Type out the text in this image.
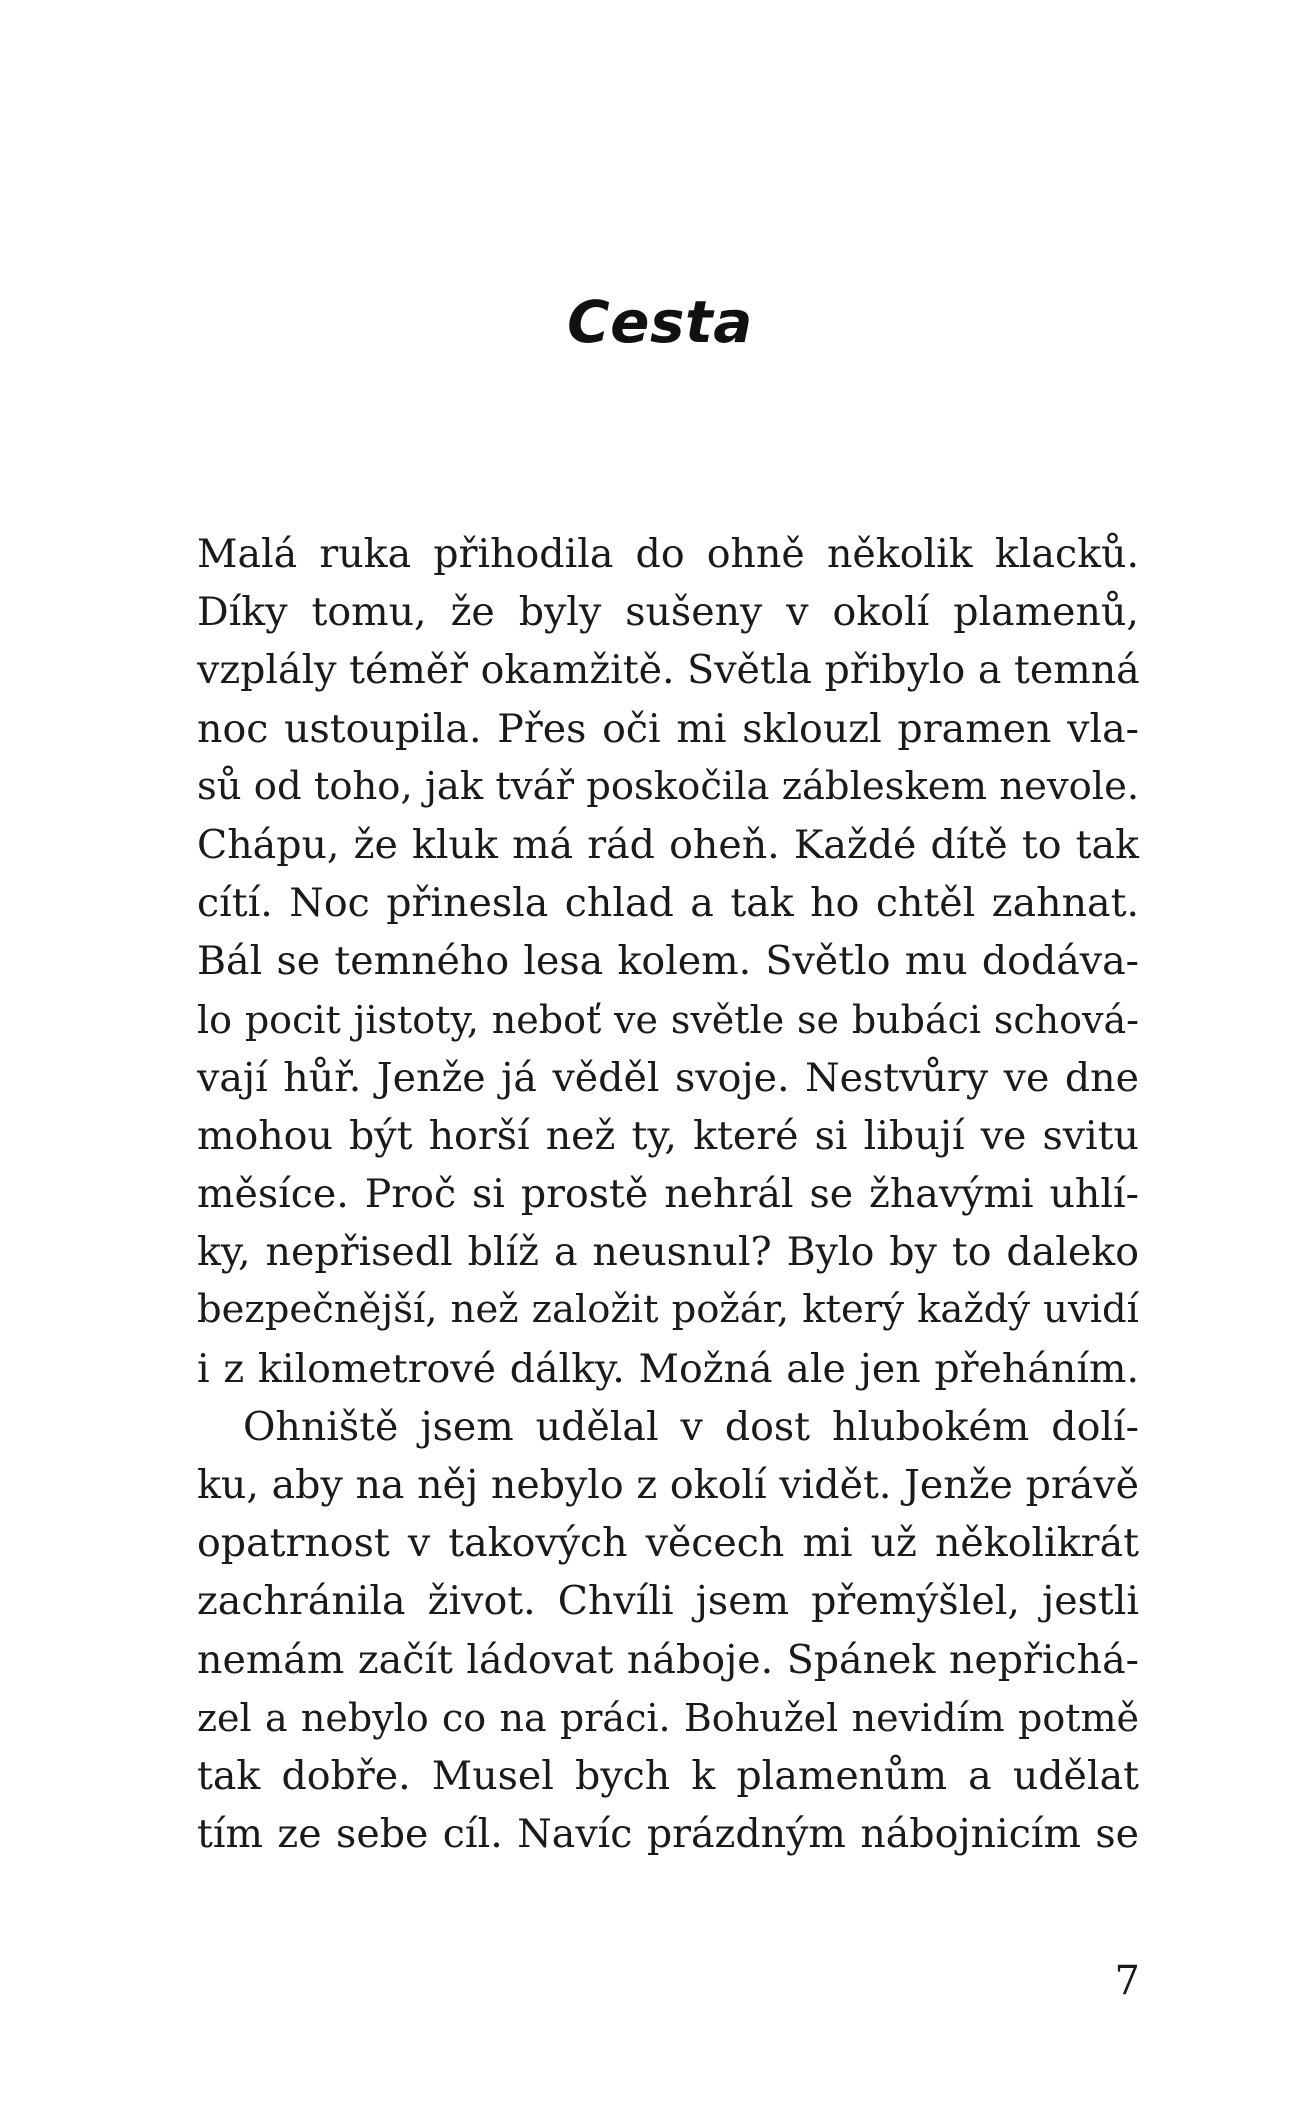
Cesta
Malá ruka přihodila do ohně několik klacků.
Díky tomu, že byly sušeny v okolí plamenů,
vzplály téměř okamžitě. Světla přibylo a temná
noc ustoupila. Přes oči mi sklouzl pramen vla-
sů od toho, jak tvář poskočila zábleskem nevole.
Chápu, že kluk má rád oheň. Každé dítě to tak
cítí. Noc přinesla chlad a tak ho chtěl zahnat.
Bál se temného lesa kolem. Světlo mu dodáva-
lo pocit jistoty, neboť ve světle se bubáci schová-
vají hůř. Jenže já věděl svoje. Nestvůry ve dne
mohou být horší než ty, které si libují ve svitu
měsíce. Proč si prostě nehrál se žhavými uhlí-
ky, nepřisedl blíž a neusnul? Bylo by to daleko
bezpečnější, než založit požár, který každý uvidí
i z kilometrové dálky. Možná ale jen přeháním.
Ohniště jsem udělal v dost hlubokém dolí-
ku, aby na něj nebylo z okolí vidět. Jenže právě
opatrnost v takových věcech mi už několikrát
zachránila život. Chvíli jsem přemýšlel, jestli
nemám začít ládovat náboje. Spánek nepřichá-
zel a nebylo co na práci. Bohužel nevidím potmě
tak dobře. Musel bych k plamenům a udělat
tím ze sebe cíl. Navíc prázdným nábojnicím se
7
